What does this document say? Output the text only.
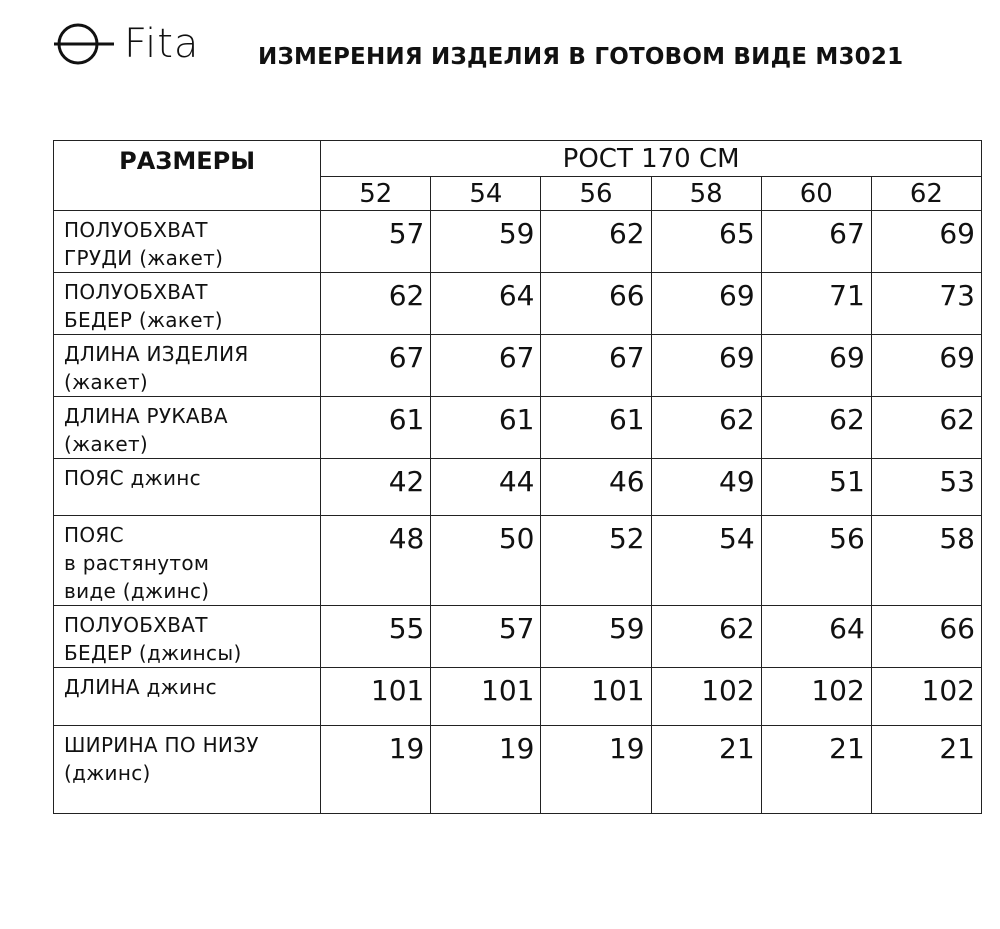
Fita	ИЗМЕРЕНИЯ ИЗДЕЛИЯ В ГОТОВОМ ВИДЕ М3021
РАЗМЕРЫ	РОСТ 170 СМ					
	52	54	56	58	60	62

ПОЛУОБХВАТ
ГРУДИ (жакет)	57	59	62	65	67	69

ПОЛУОБХВАТ
БЕДЕР (жакет)	62	64	66	69	71	73

ДЛИНА ИЗДЕЛИЯ
(жакет)	67	67	67	69	69	69

ДЛИНА РУКАВА
(жакет)	61	61	61	62	62	62

ПОЯС джинс	42	44	46	49	51	53

ПОЯС
в растянутом
виде (джинс)	48	50	52	54	56	58

ПОЛУОБХВАТ
БЕДЕР (джинсы)	55	57	59	62	64	66

ДЛИНА джинс	101	101	101	102	102	102

ШИРИНА ПО НИЗУ
(джинс)	19	19	19	21	21	21
